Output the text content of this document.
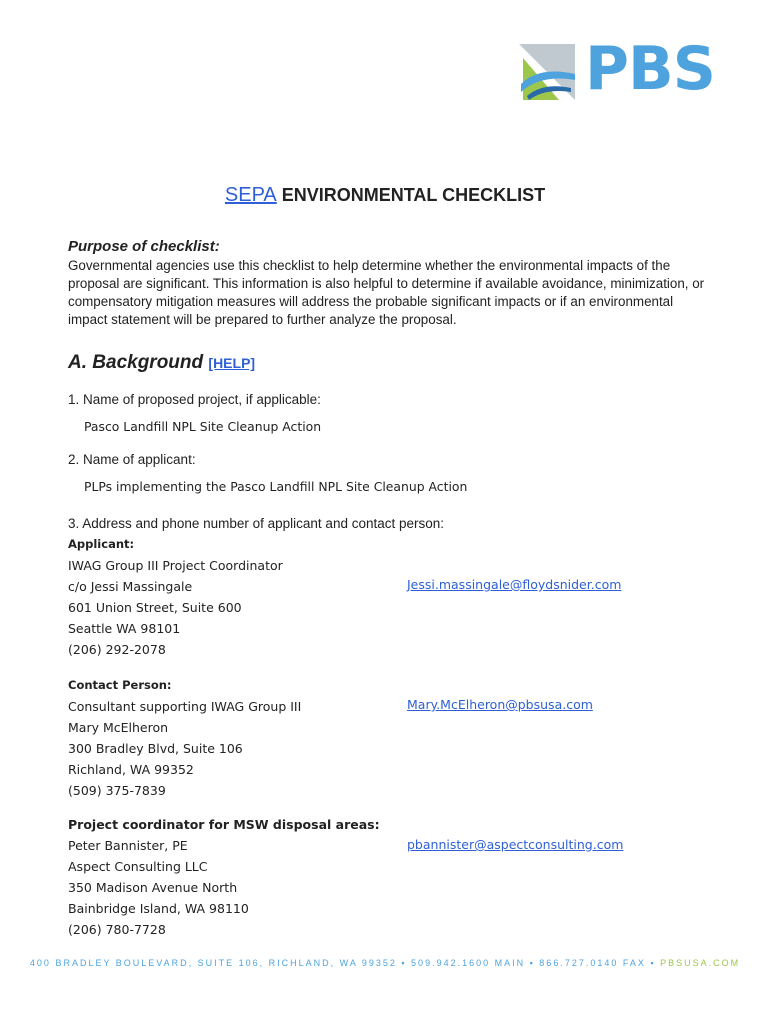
PBS
SEPA ENVIRONMENTAL CHECKLIST
Purpose of checklist:
Governmental agencies use this checklist to help determine whether the environmental impacts of the proposal are significant. This information is also helpful to determine if available avoidance, minimization, or compensatory mitigation measures will address the probable significant impacts or if an environmental impact statement will be prepared to further analyze the proposal.
A. Background [HELP]
1. Name of proposed project, if applicable:
Pasco Landfill NPL Site Cleanup Action
2. Name of applicant:
PLPs implementing the Pasco Landfill NPL Site Cleanup Action
3. Address and phone number of applicant and contact person:
Applicant:
IWAG Group III Project Coordinator
c/o Jessi Massingale
601 Union Street, Suite 600
Seattle WA 98101
(206) 292-2078
Jessi.massingale@floydsnider.com
Contact Person:
Consultant supporting IWAG Group III
Mary McElheron
300 Bradley Blvd, Suite 106
Richland, WA 99352
(509) 375-7839
Mary.McElheron@pbsusa.com
Project coordinator for MSW disposal areas:
Peter Bannister, PE
Aspect Consulting LLC
350 Madison Avenue North
Bainbridge Island, WA 98110
(206) 780-7728
pbannister@aspectconsulting.com
400 BRADLEY BOULEVARD, SUITE 106, RICHLAND, WA 99352 ▪ 509.942.1600 MAIN ▪ 866.727.0140 FAX ▪ PBSUSA.COM
